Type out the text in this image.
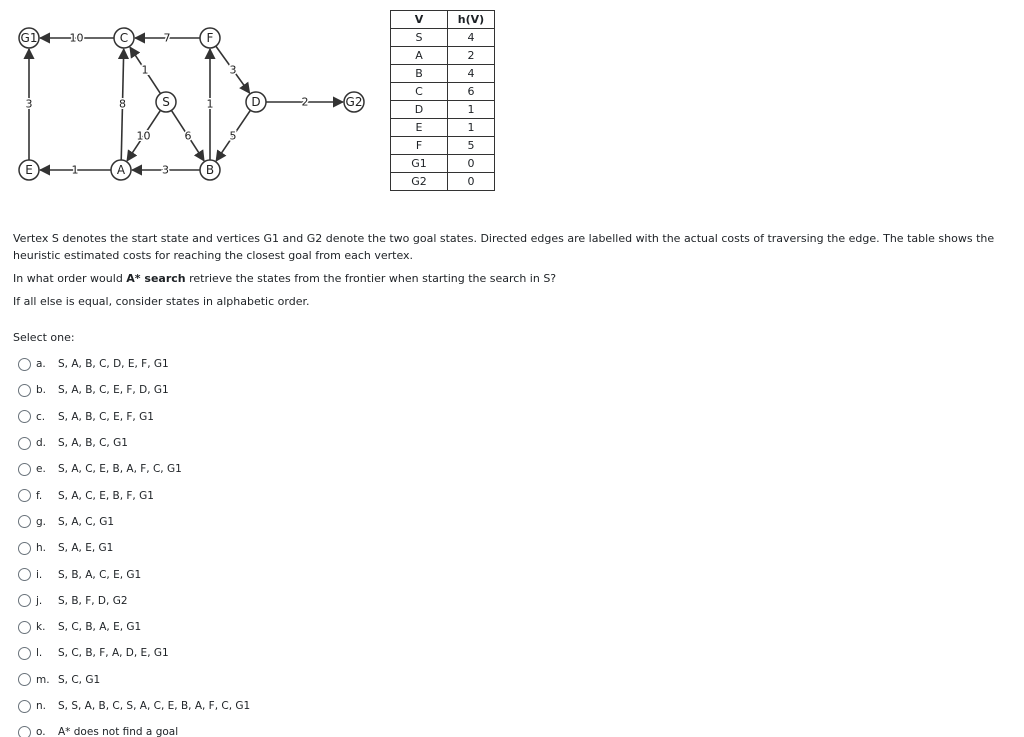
10	7
3	8
1
10	6
1
3
5
2
1	3
G1	C	F
S	D	G2
E	A	B
V	h(V)
S	4
A	2
B	4
C	6
D	1
E	1
F	5
G1	0
G2	0

Vertex S denotes the start state and vertices G1 and G2 denote the two goal states. Directed edges are labelled with the actual costs of traversing the edge. The table shows the heuristic estimated costs for reaching the closest goal from each vertex.

In what order would A* search retrieve the states from the frontier when starting the search in S?

If all else is equal, consider states in alphabetic order.

Select one:
a.	S, A, B, C, D, E, F, G1
b.	S, A, B, C, E, F, D, G1
c.	S, A, B, C, E, F, G1
d.	S, A, B, C, G1
e.	S, A, C, E, B, A, F, C, G1
f.	S, A, C, E, B, F, G1
g.	S, A, C, G1
h.	S, A, E, G1
i.	S, B, A, C, E, G1
j.	S, B, F, D, G2
k.	S, C, B, A, E, G1
l.	S, C, B, F, A, D, E, G1
m. S, C, G1
n.	S, S, A, B, C, S, A, C, E, B, A, F, C, G1
o.	A* does not find a goal
